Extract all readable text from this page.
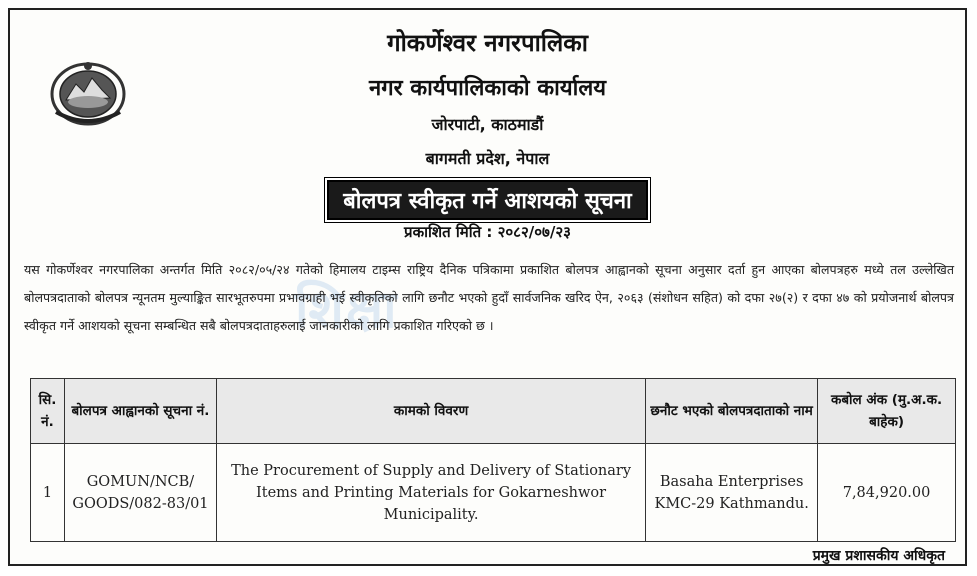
गोकर्णेश्वर नगरपालिका
नगर कार्यपालिकाको कार्यालय
जोरपाटी, काठमाडौं
बागमती प्रदेश, नेपाल
बोलपत्र स्वीकृत गर्ने आशयको सूचना
प्रकाशित मिति : २०८२/०७/२३
शिक्षा
यस गोकर्णेश्वर नगरपालिका अन्तर्गत मिति २०८२/०५/२४ गतेको हिमालय टाइम्स राष्ट्रिय दैनिक पत्रिकामा प्रकाशित बोलपत्र आह्वानको सूचना अनुसार दर्ता हुन आएका बोलपत्रहरु मध्ये तल उल्लेखित बोलपत्रदाताको बोलपत्र न्यूनतम मुल्याङ्कित सारभूतरुपमा प्रभावग्राही भई स्वीकृतिको लागि छनौट भएको हुदाँ सार्वजनिक खरिद ऐन, २०६३ (संशोधन सहित) को दफा २७(२) र दफा ४७ को प्रयोजनार्थ बोलपत्र स्वीकृत गर्ने आशयको सूचना सम्बन्धित सबै बोलपत्रदाताहरुलाई जानकारीको लागि प्रकाशित गरिएको छ ।
सि. नं.	बोलपत्र आह्वानको सूचना नं.	कामको विवरण	छनौट भएको बोलपत्रदाताको नाम	कबोल अंक (मु.अ.क. बाहेक)
1	GOMUN/NCB/ GOODS/082-83/01	The Procurement of Supply and Delivery of Stationary Items and Printing Materials for Gokarneshwor Municipality.	Basaha Enterprises KMC-29 Kathmandu.	7,84,920.00
प्रमुख प्रशासकीय अधिकृत
